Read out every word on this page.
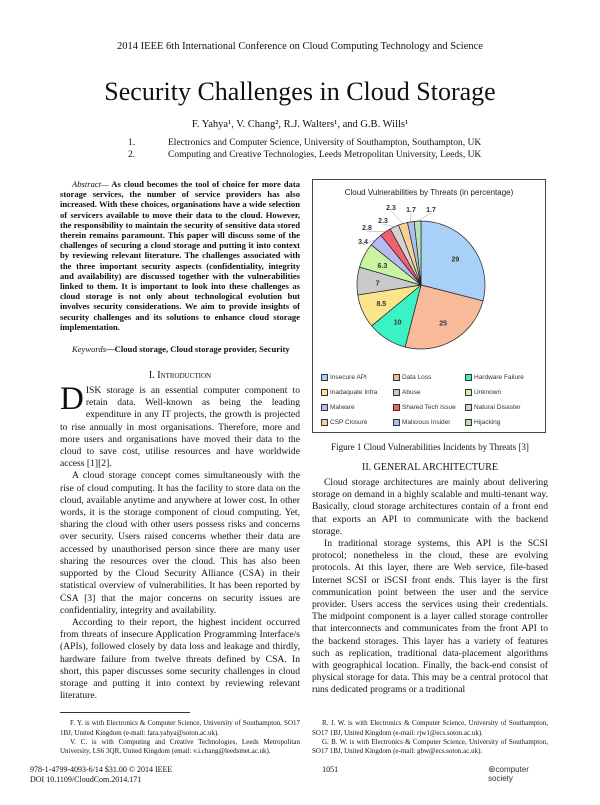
2014 IEEE 6th International Conference on Cloud Computing Technology and Science
Security Challenges in Cloud Storage
F. Yahya¹, V. Chang², R.J. Walters¹, and G.B. Wills¹
1.	Electronics and Computer Science, University of Southampton, Southampton, UK
2.	Computing and Creative Technologies, Leeds Metropolitan University, Leeds, UK
Abstract— As cloud becomes the tool of choice for more data storage services, the number of service providers has also increased. With these choices, organisations have a wide selection of servicers available to move their data to the cloud. However, the responsibility to maintain the security of sensitive data stored therein remains paramount. This paper will discuss some of the challenges of securing a cloud storage and putting it into context by reviewing relevant literature. The challenges associated with the three important security aspects (confidentiality, integrity and availability) are discussed together with the vulnerabilities linked to them. It is important to look into these challenges as cloud storage is not only about technological evolution but involves security considerations. We aim to provide insights of security challenges and its solutions to enhance cloud storage implementation.
Keywords—Cloud storage, Cloud storage provider, Security
I. Introduction

DISK storage is an essential computer component to retain data. Well-known as being the leading expenditure in any IT projects, the growth is projected to rise annually in most organisations. Therefore, more and more users and organisations have moved their data to the cloud to save cost, utilise resources and have worldwide access [1][2].

A cloud storage concept comes simultaneously with the rise of cloud computing. It has the facility to store data on the cloud, available anytime and anywhere at lower cost. In other words, it is the storage component of cloud computing. Yet, sharing the cloud with other users possess risks and concerns over security. Users raised concerns whether their data are accessed by unauthorised person since there are many user sharing the resources over the cloud. This has also been supported by the Cloud Security Alliance (CSA) in their statistical overview of vulnerabilities. It has been reported by CSA [3] that the major concerns on security issues are confidentiality, integrity and availability.

According to their report, the highest incident occurred from threats of insecure Application Programming Interface/s (APIs), followed closely by data loss and leakage and thirdly, hardware failure from twelve threats defined by CSA. In short, this paper discusses some security challenges in cloud storage and putting it into context by reviewing relevant literature.

F. Y. is with Electronics & Computer Science, University of Southampton, SO17 1BJ, United Kingdom (e-mail: fara.yahya@soton.ac.uk).

V. C. is with Computing and Creative Technologies, Leeds Metropolitan University, LS6 3QR, United Kingdom (email: v.i.chang@leedsmet.ac.uk).

Cloud Vulnerabilities by Threats (in percentage)
29
25
10
8.5
7
6.3
3.4
2.8
2.3
2.3 1.7 1.7
Insecure API	Data Loss	Hardware FailureInadaquate Infra	Abuse	UnknownMalware	Shared Tech Issue	Natural DisasterCSP Closure	Malicious Insider	Hijacking
Figure 1 Cloud Vulnerabilities Incidents by Threats [3]
II. GENERAL ARCHITECTURE

Cloud storage architectures are mainly about delivering storage on demand in a highly scalable and multi-tenant way. Basically, cloud storage architectures contain of a front end that exports an API to communicate with the backend storage.

In traditional storage systems, this API is the SCSI protocol; nonetheless in the cloud, these are evolving protocols. At this layer, there are Web service, file-based Internet SCSI or iSCSI front ends. This layer is the first communication point between the user and the service provider. Users access the services using their credentials. The midpoint component is a layer called storage controller that interconnects and communicates from the front API to the backend storages. This layer has a variety of features such as replication, traditional data-placement algorithms with geographical location. Finally, the back-end consist of physical storage for data. This may be a central protocol that runs dedicated programs or a traditional

R. J. W. is with Electronics & Computer Science, University of Southampton, SO17 1BJ, United Kingdom (e-mail: rjw1@ecs.soton.ac.uk).

G. B. W. is with Electronics & Computer Science, University of Southampton, SO17 1BJ, United Kingdom (e-mail: gbw@ecs.soton.ac.uk).

978-1-4799-4093-6/14 $31.00 © 2014 IEEE
DOI 10.1109/CloudCom.2014.171
1051	⊛computer society
